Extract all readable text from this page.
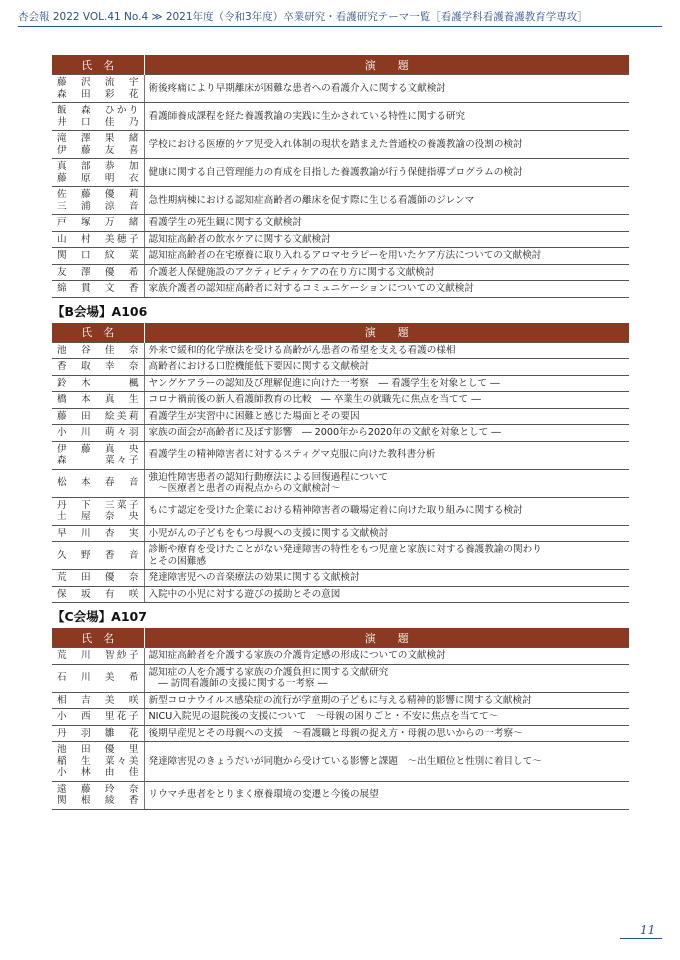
杏会報 2022 VOL.41 No.4 ≫ 2021年度（令和3年度）卒業研究・看護研究テーマ一覧［看護学科看護養護教育学専攻］
氏　名	演　　題

藤　沢　流　宇
森　田　彩　花	術後疼痛により早期離床が困難な患者への看護介入に関する文献検討

飯　森　ひかり
井　口　佳　乃	看護師養成課程を経た養護教諭の実践に生かされている特性に関する研究

滝　澤　果　緒
伊　藤　友　喜	学校における医療的ケア児受入れ体制の現状を踏まえた普通校の養護教諭の役割の検討

真　部　恭　加
藤　原　明　衣	健康に関する自己管理能力の育成を目指した養護教諭が行う保健指導プログラムの検討

佐　藤　優　莉
三　浦　涼　音	急性期病棟における認知症高齢者の離床を促す際に生じる看護師のジレンマ

戸　塚　万　緒	看護学生の死生観に関する文献検討

山　村　美穂子	認知症高齢者の飲水ケアに関する文献検討

関　口　紋　菜	認知症高齢者の在宅療養に取り入れるアロマセラピーを用いたケア方法についての文献検討

友　澤　優　希	介護老人保健施設のアクティビティケアの在り方に関する文献検討

綿　貫　文　香	家族介護者の認知症高齢者に対するコミュニケーションについての文献検討
【B会場】A106
氏　名	演　　題

池　谷　佳　奈	外来で緩和的化学療法を受ける高齢がん患者の希望を支える看護の様相

香　取　幸　奈	高齢者における口腔機能低下要因に関する文献検討

鈴　木　　　楓	ヤングケアラーの認知及び理解促進に向けた一考察　― 看護学生を対象として ―

橋　本　真　生	コロナ禍前後の新人看護師教育の比較　― 卒業生の就職先に焦点を当てて ―

藤　田　絵美莉	看護学生が実習中に困難と感じた場面とその要因

小　川　萌々羽	家族の面会が高齢者に及ぼす影響　― 2000年から2020年の文献を対象として ―

伊　藤　真　央
森　　　菜々子	看護学生の精神障害者に対するスティグマ克服に向けた教科書分析

松　本　春　音	強迫性障害患者の認知行動療法による回復過程について
　〜医療者と患者の両視点からの文献検討〜

丹　下　三菜子
土　屋　奈　央	もにす認定を受けた企業における精神障害者の職場定着に向けた取り組みに関する検討

早　川　杏　実	小児がんの子どもをもつ母親への支援に関する文献検討

久　野　香　音	診断や療育を受けたことがない発達障害の特性をもつ児童と家族に対する養護教諭の関わり
とその困難感

荒　田　優　奈	発達障害児への音楽療法の効果に関する文献検討

保　坂　有　咲	入院中の小児に対する遊びの援助とその意図
【C会場】A107
氏　名	演　　題

荒　川　智紗子	認知症高齢者を介護する家族の介護肯定感の形成についての文献検討

石　川　美　希	認知症の人を介護する家族の介護負担に関する文献研究
　― 訪問看護師の支援に関する一考察 ―

相　吉　美　咲	新型コロナウイルス感染症の流行が学童期の子どもに与える精神的影響に関する文献検討

小　西　里花子	NICU入院児の退院後の支援について　〜母親の困りごと・不安に焦点を当てて〜

丹　羽　雛　花	後期早産児とその母親への支援　〜看護職と母親の捉え方・母親の思いからの一考察〜

池　田　優　里
稲　生　菜々美
小　林　由　佳	発達障害児のきょうだいが同胞から受けている影響と課題　〜出生順位と性別に着目して〜

遠　藤　玲　奈
関　根　綾　香	リウマチ患者をとりまく療養環境の変遷と今後の展望
11
